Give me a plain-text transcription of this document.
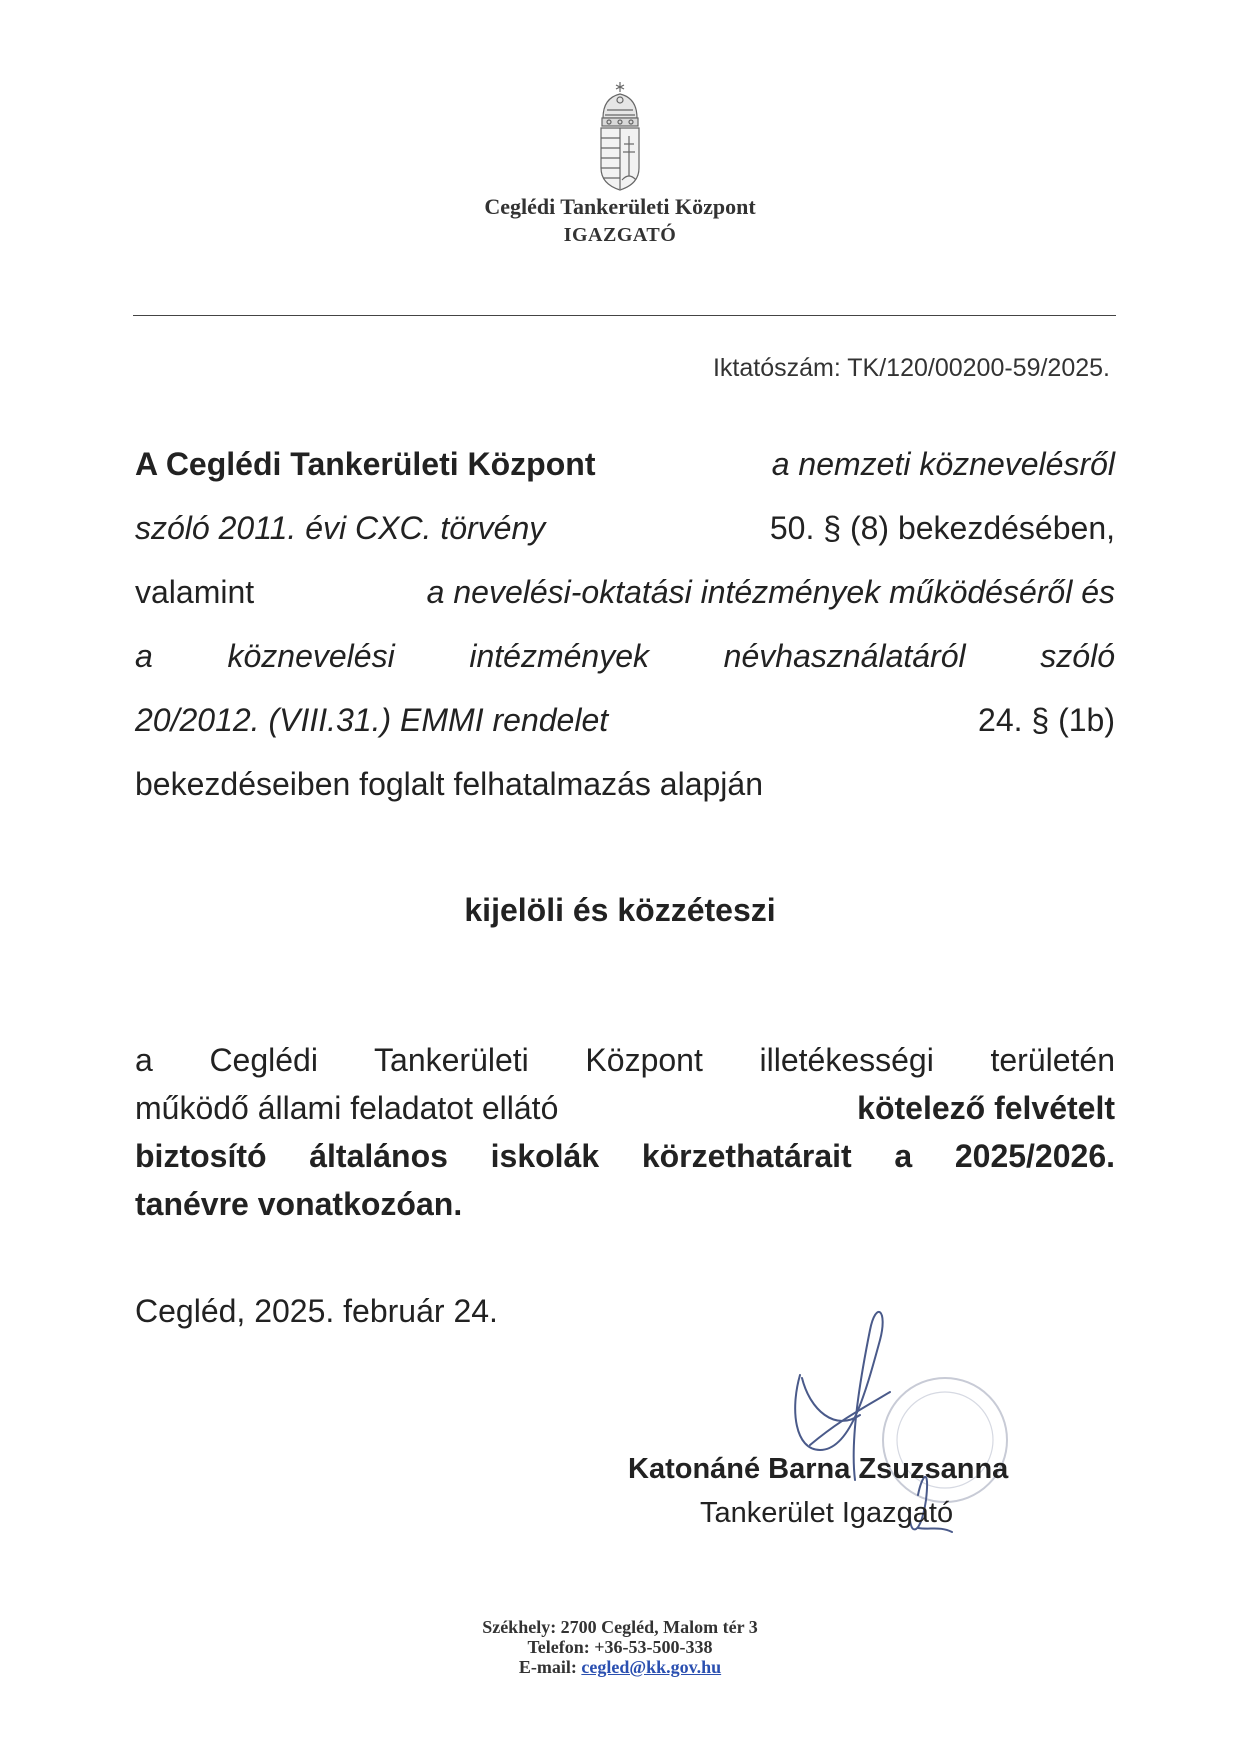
Ceglédi Tankerületi Központ
IGAZGATÓ
Iktatószám: TK/120/00200-59/2025.
A Ceglédi Tankerületi Központ	a nemzeti köznevelésről
szóló 2011. évi CXC. törvény	50. § (8) bekezdésében,
valamint	a nevelési-oktatási intézmények működéséről és
a köznevelési intézmények névhasználatáról szóló
20/2012. (VIII.31.) EMMI rendelet	24. § (1b)
bekezdéseiben foglalt felhatalmazás alapján
kijelöli és közzéteszi
a Ceglédi Tankerületi Központ illetékességi területén
működő állami feladatot ellátó	kötelező felvételt
biztosító általános iskolák körzethatárait a 2025/2026.
tanévre vonatkozóan.
Cegléd, 2025. február 24.
Katonáné Barna Zsuzsanna
Tankerület Igazgató
Székhely: 2700 Cegléd, Malom tér 3
Telefon: +36-53-500-338
E-mail: cegled@kk.gov.hu
